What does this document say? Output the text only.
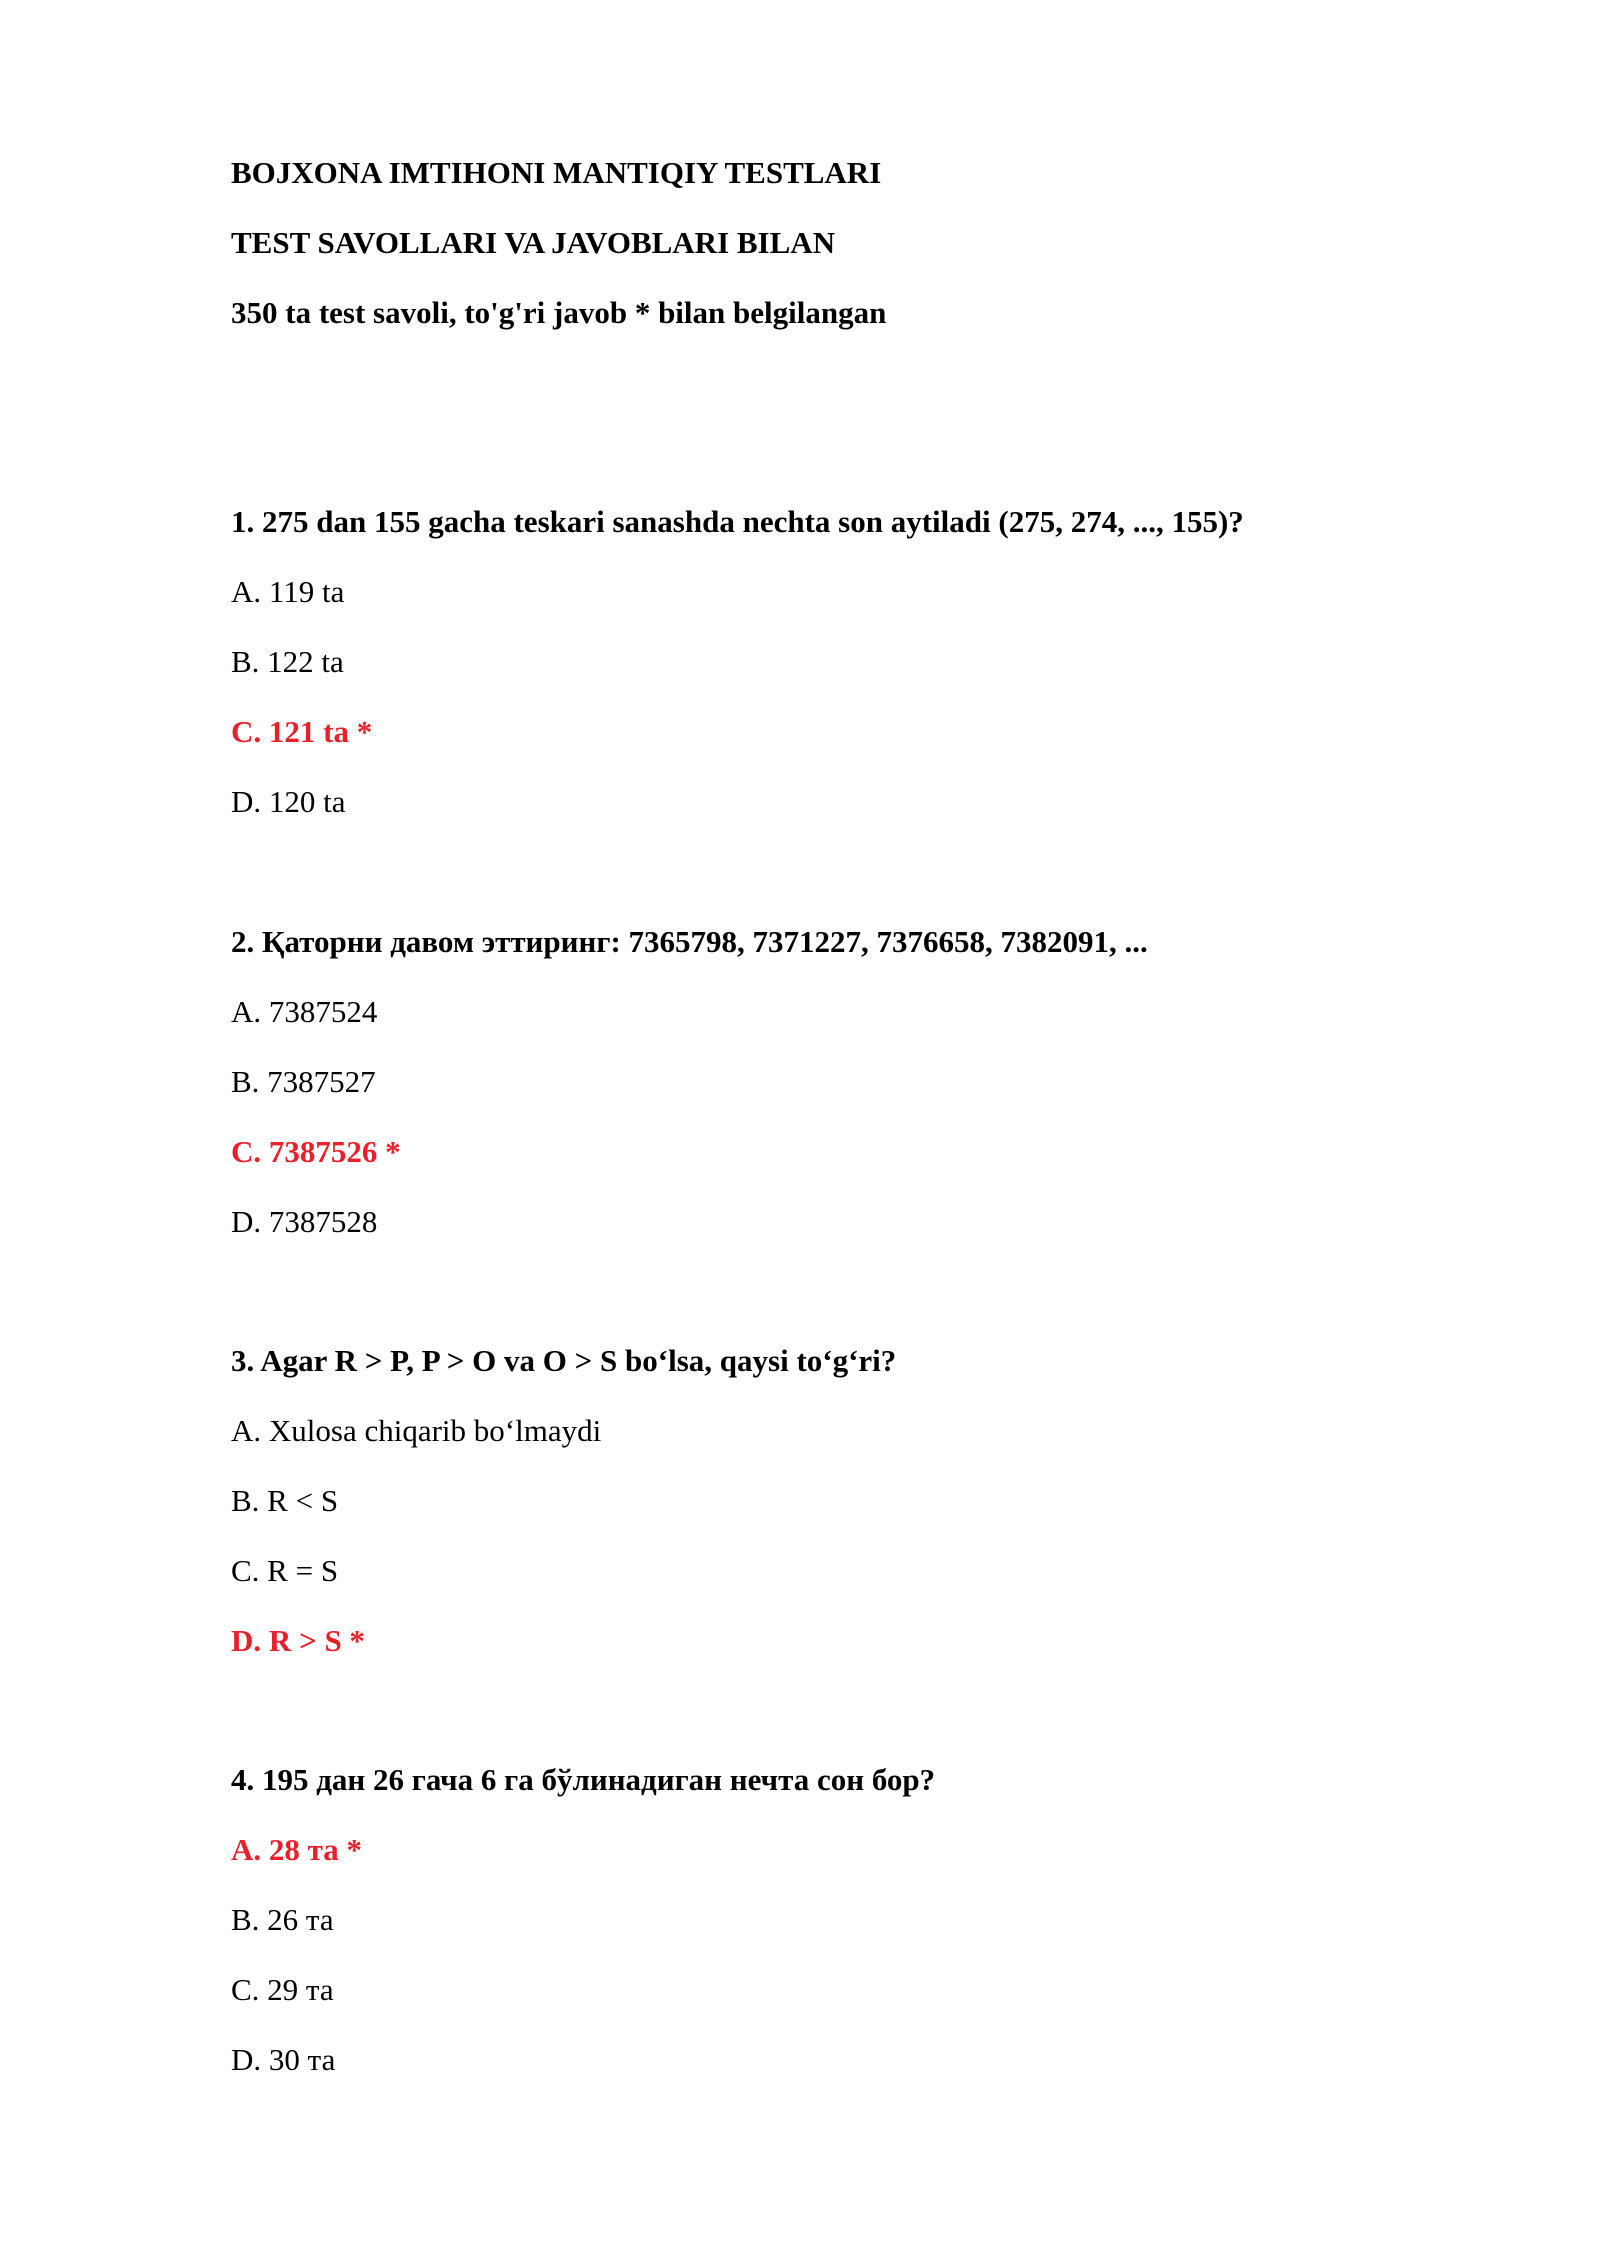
BOJXONA IMTIHONI MANTIQIY TESTLARI
TEST SAVOLLARI VA JAVOBLARI BILAN
350 ta test savoli, to'g'ri javob * bilan belgilangan
1. 275 dan 155 gacha teskari sanashda nechta son aytiladi (275, 274, ..., 155)?
A. 119 ta
B. 122 ta
C. 121 ta *
D. 120 ta
2. Қаторни давом эттиринг: 7365798, 7371227, 7376658, 7382091, ...
A. 7387524
B. 7387527
C. 7387526 *
D. 7387528
3. Agar R > P, P > O va O > S bo‘lsa, qaysi to‘g‘ri?
A. Xulosa chiqarib bo‘lmaydi
B. R < S
C. R = S
D. R > S *
4. 195 дан 26 гача 6 га бўлинадиган нечта сон бор?
A. 28 та *
B. 26 та
C. 29 та
D. 30 та
